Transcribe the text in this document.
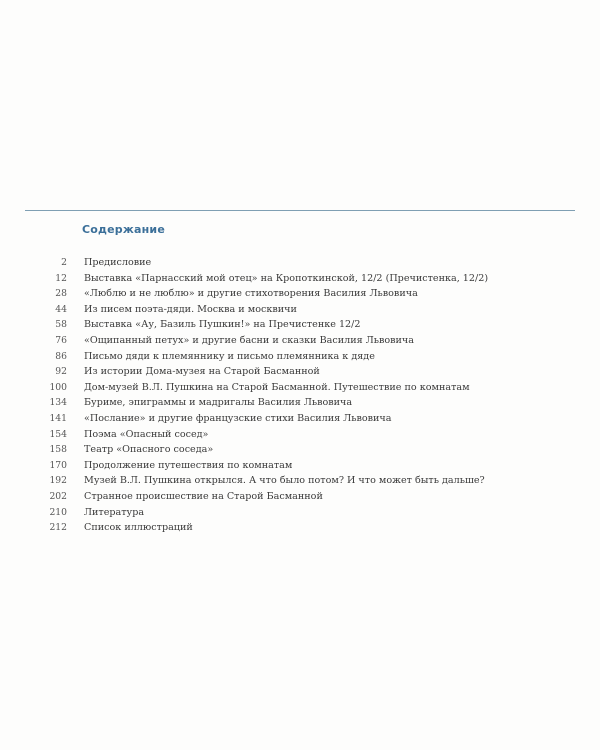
Содержание
2 Предисловие
12 Выставка «Парнасский мой отец» на Кропоткинской, 12/2 (Пречистенка, 12/2)
28 «Люблю и не люблю» и другие стихотворения Василия Львовича
44 Из писем поэта-дяди. Москва и москвичи
58 Выставка «Ау, Базиль Пушкин!» на Пречистенке 12/2
76 «Ощипанный петух» и другие басни и сказки Василия Львовича
86 Письмо дяди к племяннику и письмо племянника к дяде
92 Из истории Дома-музея на Старой Басманной
100 Дом-музей В.Л. Пушкина на Старой Басманной. Путешествие по комнатам
134 Буриме, эпиграммы и мадригалы Василия Львовича
141 «Послание» и другие французские стихи Василия Львовича
154 Поэма «Опасный сосед»
158 Театр «Опасного соседа»
170 Продолжение путешествия по комнатам
192 Музей В.Л. Пушкина открылся. А что было потом? И что может быть дальше?
202 Странное происшествие на Старой Басманной
210 Литература
212 Список иллюстраций
